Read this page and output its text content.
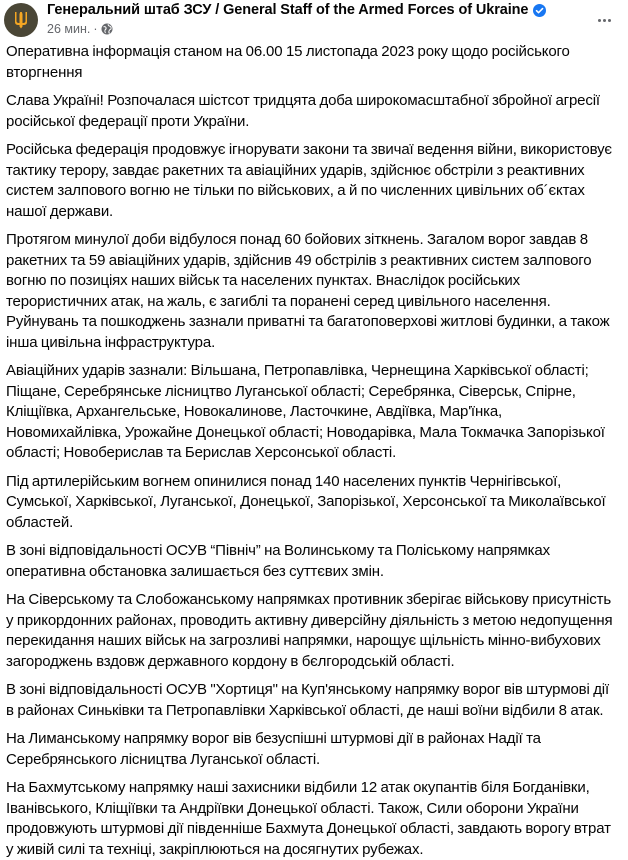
Генеральний штаб ЗСУ / General Staff of the Armed Forces of Ukraine
26 мин. ·

Оперативна інформація станом на 06.00 15 листопада 2023 року щодо російського вторгнення

Слава Україні! Розпочалася шістсот тридцята доба широкомасштабної збройної агресії російської федерації проти України.

Російська федерація продовжує ігнорувати закони та звичаї ведення війни, використовує тактику терору, завдає ракетних та авіаційних ударів, здійснює обстріли з реактивних систем залпового вогню не тільки по військових, а й по численних цивільних об´єктах нашої держави.

Протягом минулої доби відбулося понад 60 бойових зіткнень. Загалом ворог завдав 8 ракетних та 59 авіаційних ударів, здійснив 49 обстрілів з реактивних систем залпового вогню по позиціях наших військ та населених пунктах. Внаслідок російських терористичних атак, на жаль, є загиблі та поранені серед цивільного населення. Руйнувань та пошкоджень зазнали приватні та багатоповерхові житлові будинки, а також інша цивільна інфраструктура.

Авіаційних ударів зазнали: Вільшана, Петропавлівка, Чернещина Харківської області; Піщане, Серебрянське лісництво Луганської області; Серебрянка, Сіверськ, Спірне, Кліщіївка, Архангельське, Новокалинове, Ласточкине, Авдіївка, Мар'їнка, Новомихайлівка, Урожайне Донецької області; Новодарівка, Мала Токмачка Запорізької області; Новоберислав та Берислав Херсонської області.

Під артилерійським вогнем опинилися понад 140 населених пунктів Чернігівської, Сумської, Харківської, Луганської, Донецької, Запорізької, Херсонської та Миколаївської областей.

В зоні відповідальності ОСУВ “Північ” на Волинському та Поліському напрямках оперативна обстановка залишається без суттєвих змін.

На Сіверському та Слобожанському напрямках противник зберігає військову присутність у прикордонних районах, проводить активну диверсійну діяльність з метою недопущення перекидання наших військ на загрозливі напрямки, нарощує щільність мінно-вибухових загороджень вздовж державного кордону в бєлгородській області.

В зоні відповідальності ОСУВ "Хортиця" на Куп'янському напрямку ворог вів штурмові дії в районах Синьківки та Петропавлівки Харківської області, де наші воїни відбили 8 атак.

На Лиманському напрямку ворог вів безуспішні штурмові дії в районах Надії та Серебрянського лісництва Луганської області.

На Бахмутському напрямку наші захисники відбили 12 атак окупантів біля Богданівки, Іванівського, Кліщіївки та Андріївки Донецької області. Також, Сили оборони України продовжують штурмові дії південніше Бахмута Донецької області, завдають ворогу втрат у живій силі та техніці, закріплюються на досягнутих рубежах.
